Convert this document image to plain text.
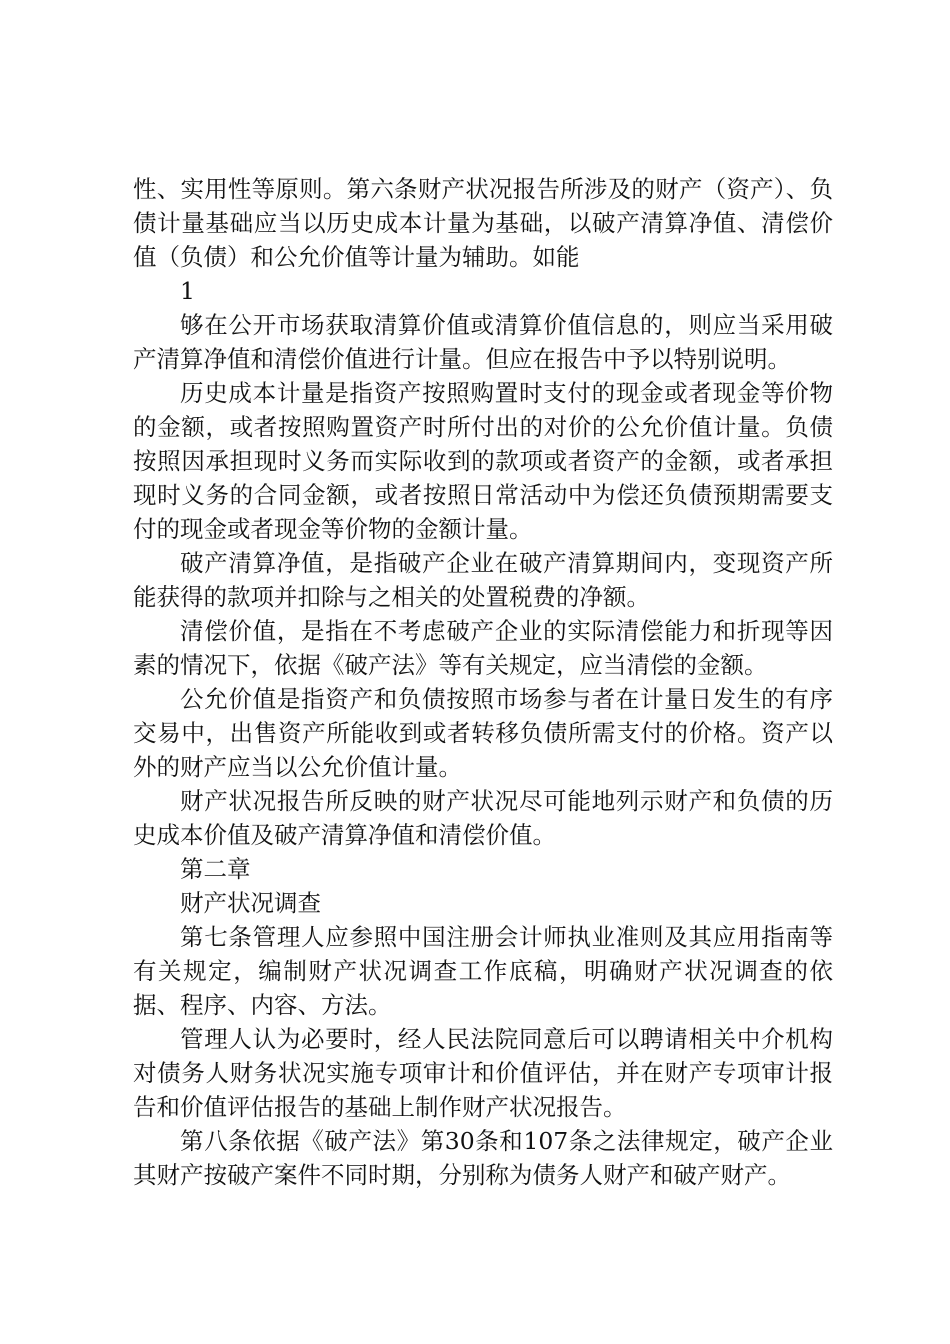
性、实用性等原则。第六条财产状况报告所涉及的财产（资产）、负债计量基础应当以历史成本计量为基础，以破产清算净值、清偿价值（负债）和公允价值等计量为辅助。如能

1

够在公开市场获取清算价值或清算价值信息的，则应当采用破产清算净值和清偿价值进行计量。但应在报告中予以特别说明。

历史成本计量是指资产按照购置时支付的现金或者现金等价物的金额，或者按照购置资产时所付出的对价的公允价值计量。负债按照因承担现时义务而实际收到的款项或者资产的金额，或者承担现时义务的合同金额，或者按照日常活动中为偿还负债预期需要支付的现金或者现金等价物的金额计量。

破产清算净值，是指破产企业在破产清算期间内，变现资产所能获得的款项并扣除与之相关的处置税费的净额。

清偿价值，是指在不考虑破产企业的实际清偿能力和折现等因素的情况下，依据《破产法》等有关规定，应当清偿的金额。

公允价值是指资产和负债按照市场参与者在计量日发生的有序交易中，出售资产所能收到或者转移负债所需支付的价格。资产以外的财产应当以公允价值计量。

财产状况报告所反映的财产状况尽可能地列示财产和负债的历史成本价值及破产清算净值和清偿价值。

第二章

财产状况调查

第七条管理人应参照中国注册会计师执业准则及其应用指南等有关规定，编制财产状况调查工作底稿，明确财产状况调查的依据、程序、内容、方法。

管理人认为必要时，经人民法院同意后可以聘请相关中介机构对债务人财务状况实施专项审计和价值评估，并在财产专项审计报告和价值评估报告的基础上制作财产状况报告。

第八条依据《破产法》第30条和107条之法律规定，破产企业其财产按破产案件不同时期，分别称为债务人财产和破产财产。
